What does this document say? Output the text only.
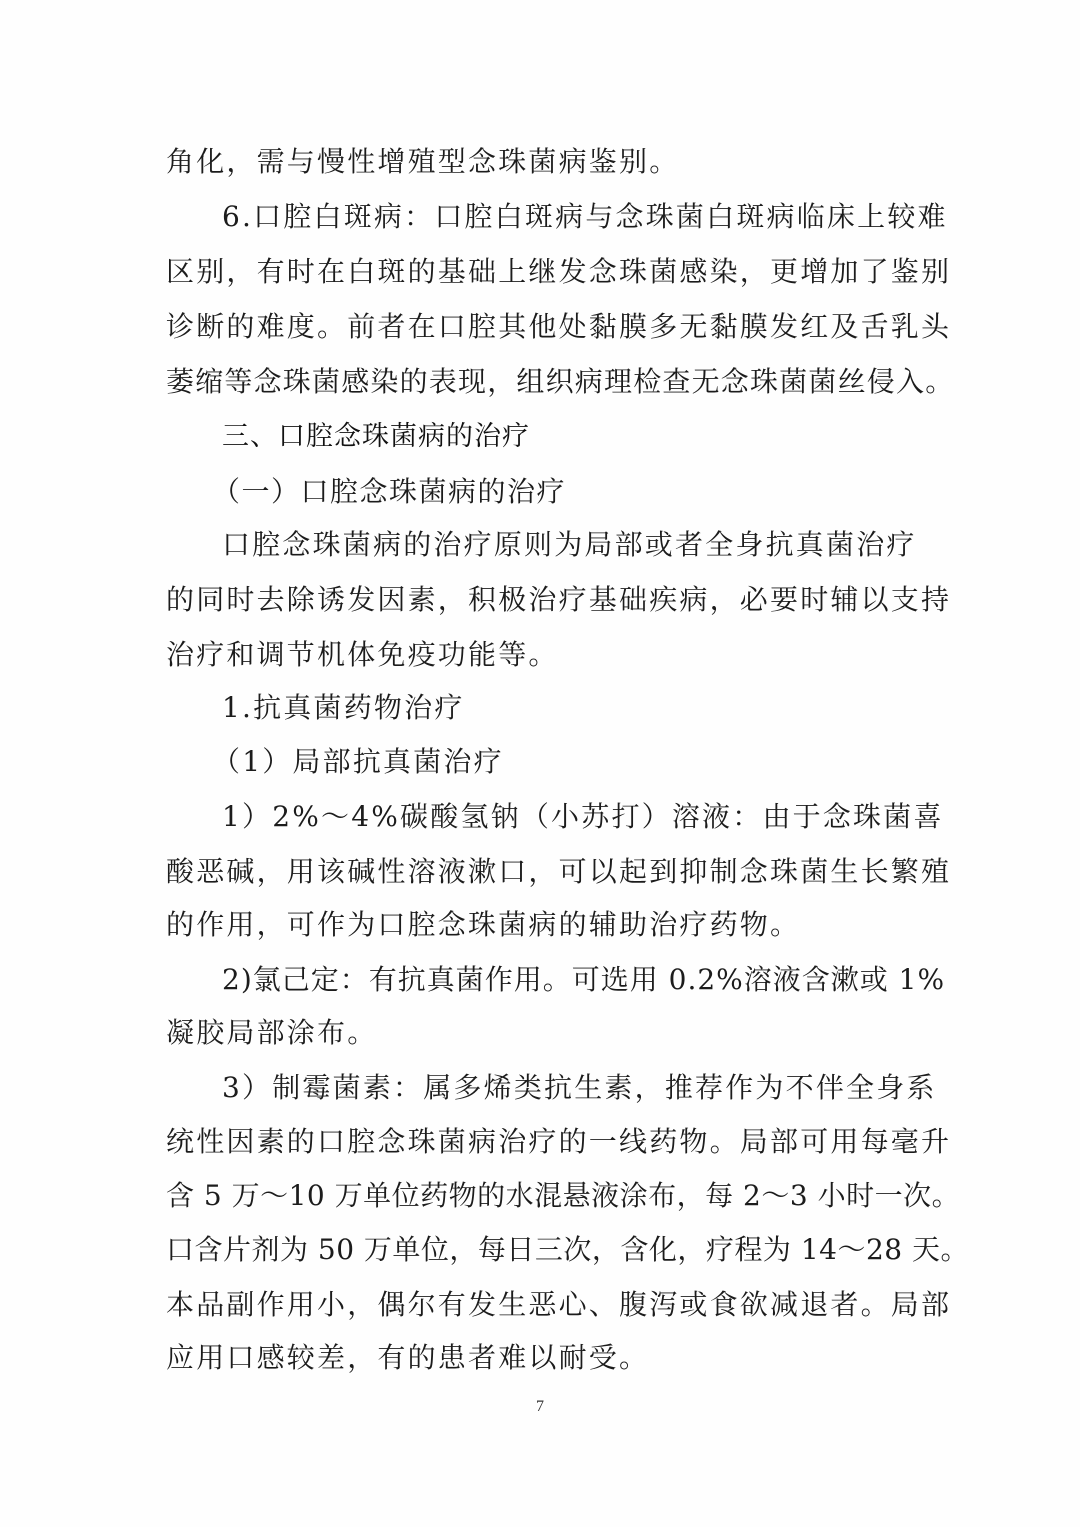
角化，需与慢性增殖型念珠菌病鉴别。
6.口腔白斑病：口腔白斑病与念珠菌白斑病临床上较难
区别，有时在白斑的基础上继发念珠菌感染，更增加了鉴别
诊断的难度。前者在口腔其他处黏膜多无黏膜发红及舌乳头
萎缩等念珠菌感染的表现，组织病理检查无念珠菌菌丝侵入。
三、口腔念珠菌病的治疗
（一）口腔念珠菌病的治疗
口腔念珠菌病的治疗原则为局部或者全身抗真菌治疗
的同时去除诱发因素，积极治疗基础疾病，必要时辅以支持
治疗和调节机体免疫功能等。
1.抗真菌药物治疗
（1）局部抗真菌治疗
1）2%～4%碳酸氢钠（小苏打）溶液：由于念珠菌喜
酸恶碱，用该碱性溶液漱口，可以起到抑制念珠菌生长繁殖
的作用，可作为口腔念珠菌病的辅助治疗药物。
2)氯己定：有抗真菌作用。可选用 0.2%溶液含漱或 1%
凝胶局部涂布。
3）制霉菌素：属多烯类抗生素，推荐作为不伴全身系
统性因素的口腔念珠菌病治疗的一线药物。局部可用每毫升
含 5 万～10 万单位药物的水混悬液涂布，每 2～3 小时一次。
口含片剂为 50 万单位，每日三次，含化，疗程为 14～28 天。
本品副作用小，偶尔有发生恶心、腹泻或食欲减退者。局部
应用口感较差，有的患者难以耐受。
7
